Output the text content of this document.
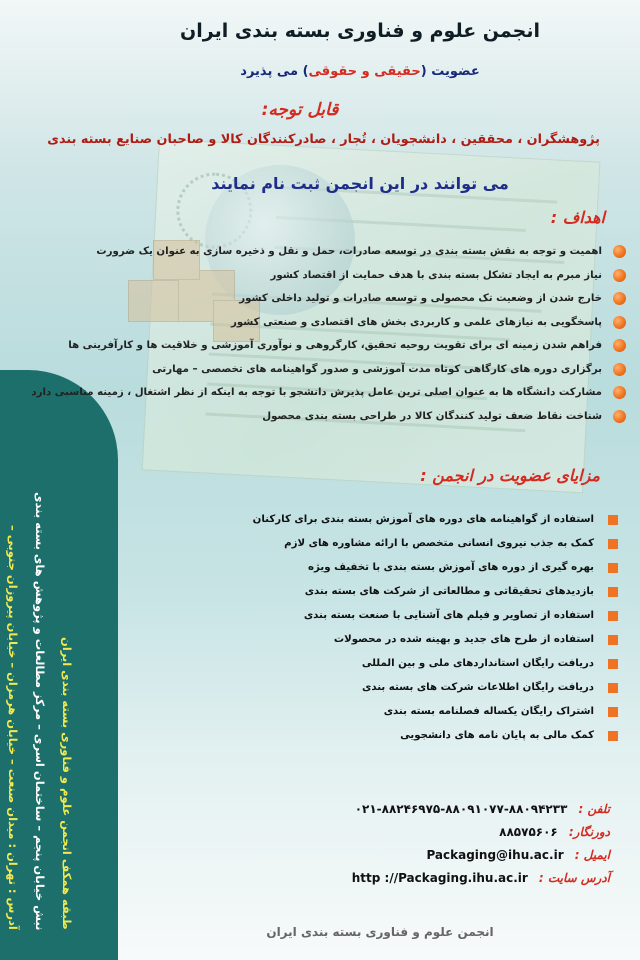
آدرس : تهران : میدان صنعت – خیابان هرمزان – خیابان پیروزان جنوبی – نبش خیابان پنجم – ساختمان اسری – مرکز مطالعات و پژوهش های بسته بندی طبقه همکف انجمن علوم و فناوری بسته بندی ایران
انجمن علوم و فناوری بسته بندی ایران
عضویت (حقیقی و حقوقی) می پذیرد
قابل توجه:
پژوهشگران ، محققین ، دانشجویان ، تُجار ، صادرکنندگان کالا و صاحبان صنایع بسته بندی
می توانند در این انجمن ثبت نام نمایند
اهداف :
اهمیت و توجه به نقش بسته بندی در توسعه صادرات، حمل و نقل و ذخیره سازی به عنوان یک ضرورت
نیاز مبرم به ایجاد تشکل بسته بندی با هدف حمایت از اقتصاد کشور
خارج شدن از وضعیت تک محصولی و توسعه صادرات و تولید داخلی کشور
پاسخگویی به نیازهای علمی و کاربردی بخش های اقتصادی و صنعتی کشور
فراهم شدن زمینه ای برای تقویت روحیه تحقیق، کارگروهی و نوآوری آموزشی و خلاقیت ها و کارآفرینی ها
برگزاری دوره های کارگاهی کوتاه مدت آموزشی و صدور گواهینامه های تخصصی – مهارتی
مشارکت دانشگاه ها به عنوان اصلی ترین عامل پذیرش دانشجو با توجه به اینکه از نظر اشتغال ، زمینه مناسبی دارد
شناخت نقاط ضعف تولید کنندگان کالا در طراحی بسته بندی محصول
مزایای عضویت در انجمن :
استفاده از گواهینامه های دوره های آموزش بسته بندی برای کارکنان
کمک به جذب نیروی انسانی متخصص با ارائه مشاوره های لازم
بهره گیری از دوره های آموزش بسته بندی با تخفیف ویژه
بازدیدهای تحقیقاتی و مطالعاتی از شرکت های بسته بندی
استفاده از تصاویر و فیلم های آشنایی با صنعت بسته بندی
استفاده از طرح های جدید و بهینه شده در محصولات
دریافت رایگان استانداردهای ملی و بین المللی
دریافت رایگان اطلاعات شرکت های بسته بندی
اشتراک رایگان یکساله فصلنامه بسته بندی
کمک مالی به پایان نامه های دانشجویی
تلفن : ۰۲۱-۸۸۲۴۶۹۷۵-۸۸۰۹۱۰۷۷-۸۸۰۹۴۲۳۳
دورنگار: ۸۸۵۷۵۶۰۶
ایمیل : Packaging@ihu.ac.ir
آدرس سایت : http ://Packaging.ihu.ac.ir
انجمن علوم و فناوری بسته بندی ایران
